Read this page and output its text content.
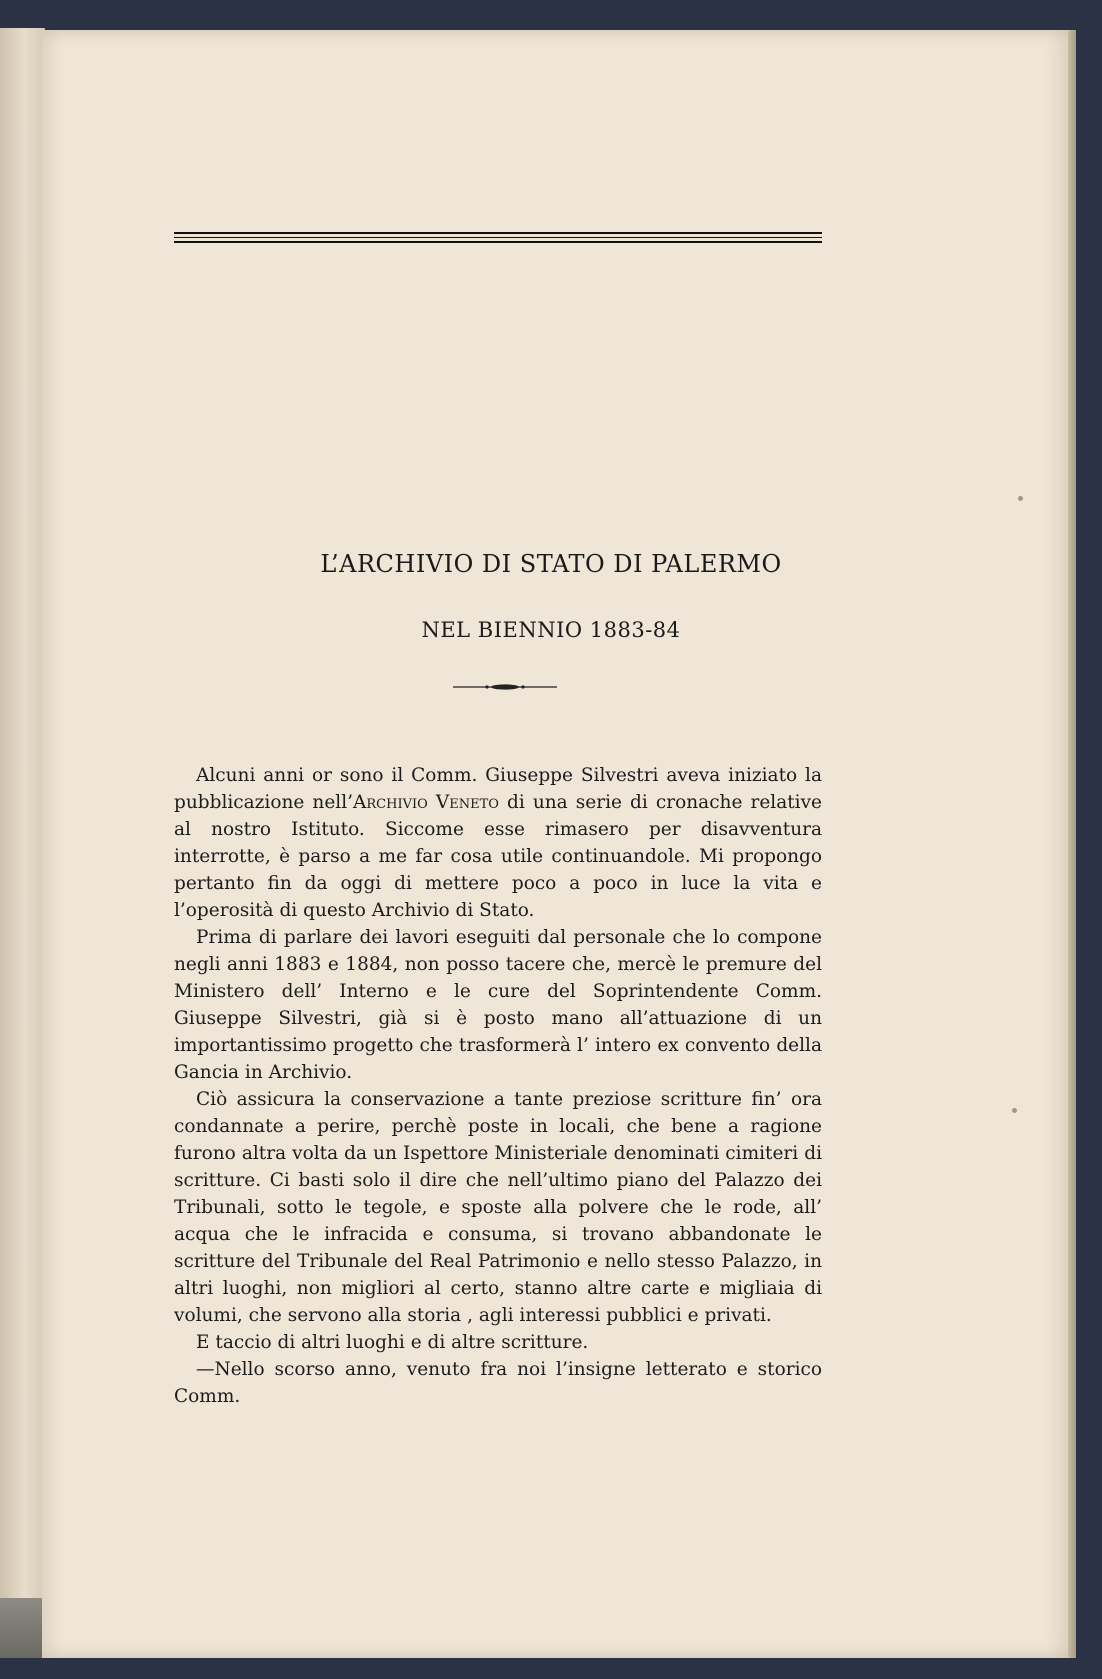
L’ARCHIVIO DI STATO DI PALERMO
NEL BIENNIO 1883-84

Alcuni anni or sono il Comm. Giuseppe Silvestri aveva iniziato la pubblicazione nell’Archivio Veneto di una serie di cronache relative al nostro Istituto. Siccome esse rimasero per disavventura interrotte, è parso a me far cosa utile continuandole. Mi propongo pertanto fin da oggi di mettere poco a poco in luce la vita e l’operosità di questo Archivio di Stato.

Prima di parlare dei lavori eseguiti dal personale che lo compone negli anni 1883 e 1884, non posso tacere che, mercè le premure del Ministero dell’ Interno e le cure del Soprintendente Comm. Giuseppe Silvestri, già si è posto mano all’attuazione di un importantissimo progetto che trasformerà l’ intero ex convento della Gancia in Archivio.

Ciò assicura la conservazione a tante preziose scritture fin’ ora condannate a perire, perchè poste in locali, che bene a ragione furono altra volta da un Ispettore Ministeriale denominati cimiteri di scritture. Ci basti solo il dire che nell’ultimo piano del Palazzo dei Tribunali, sotto le tegole, e sposte alla polvere che le rode, all’ acqua che le infracida e consuma, si trovano abbandonate le scritture del Tribunale del Real Patrimonio e nello stesso Palazzo, in altri luoghi, non migliori al certo, stanno altre carte e migliaia di volumi, che servono alla storia , agli interessi pubblici e privati.

E taccio di altri luoghi e di altre scritture.

—Nello scorso anno, venuto fra noi l’insigne letterato e storico Comm.
